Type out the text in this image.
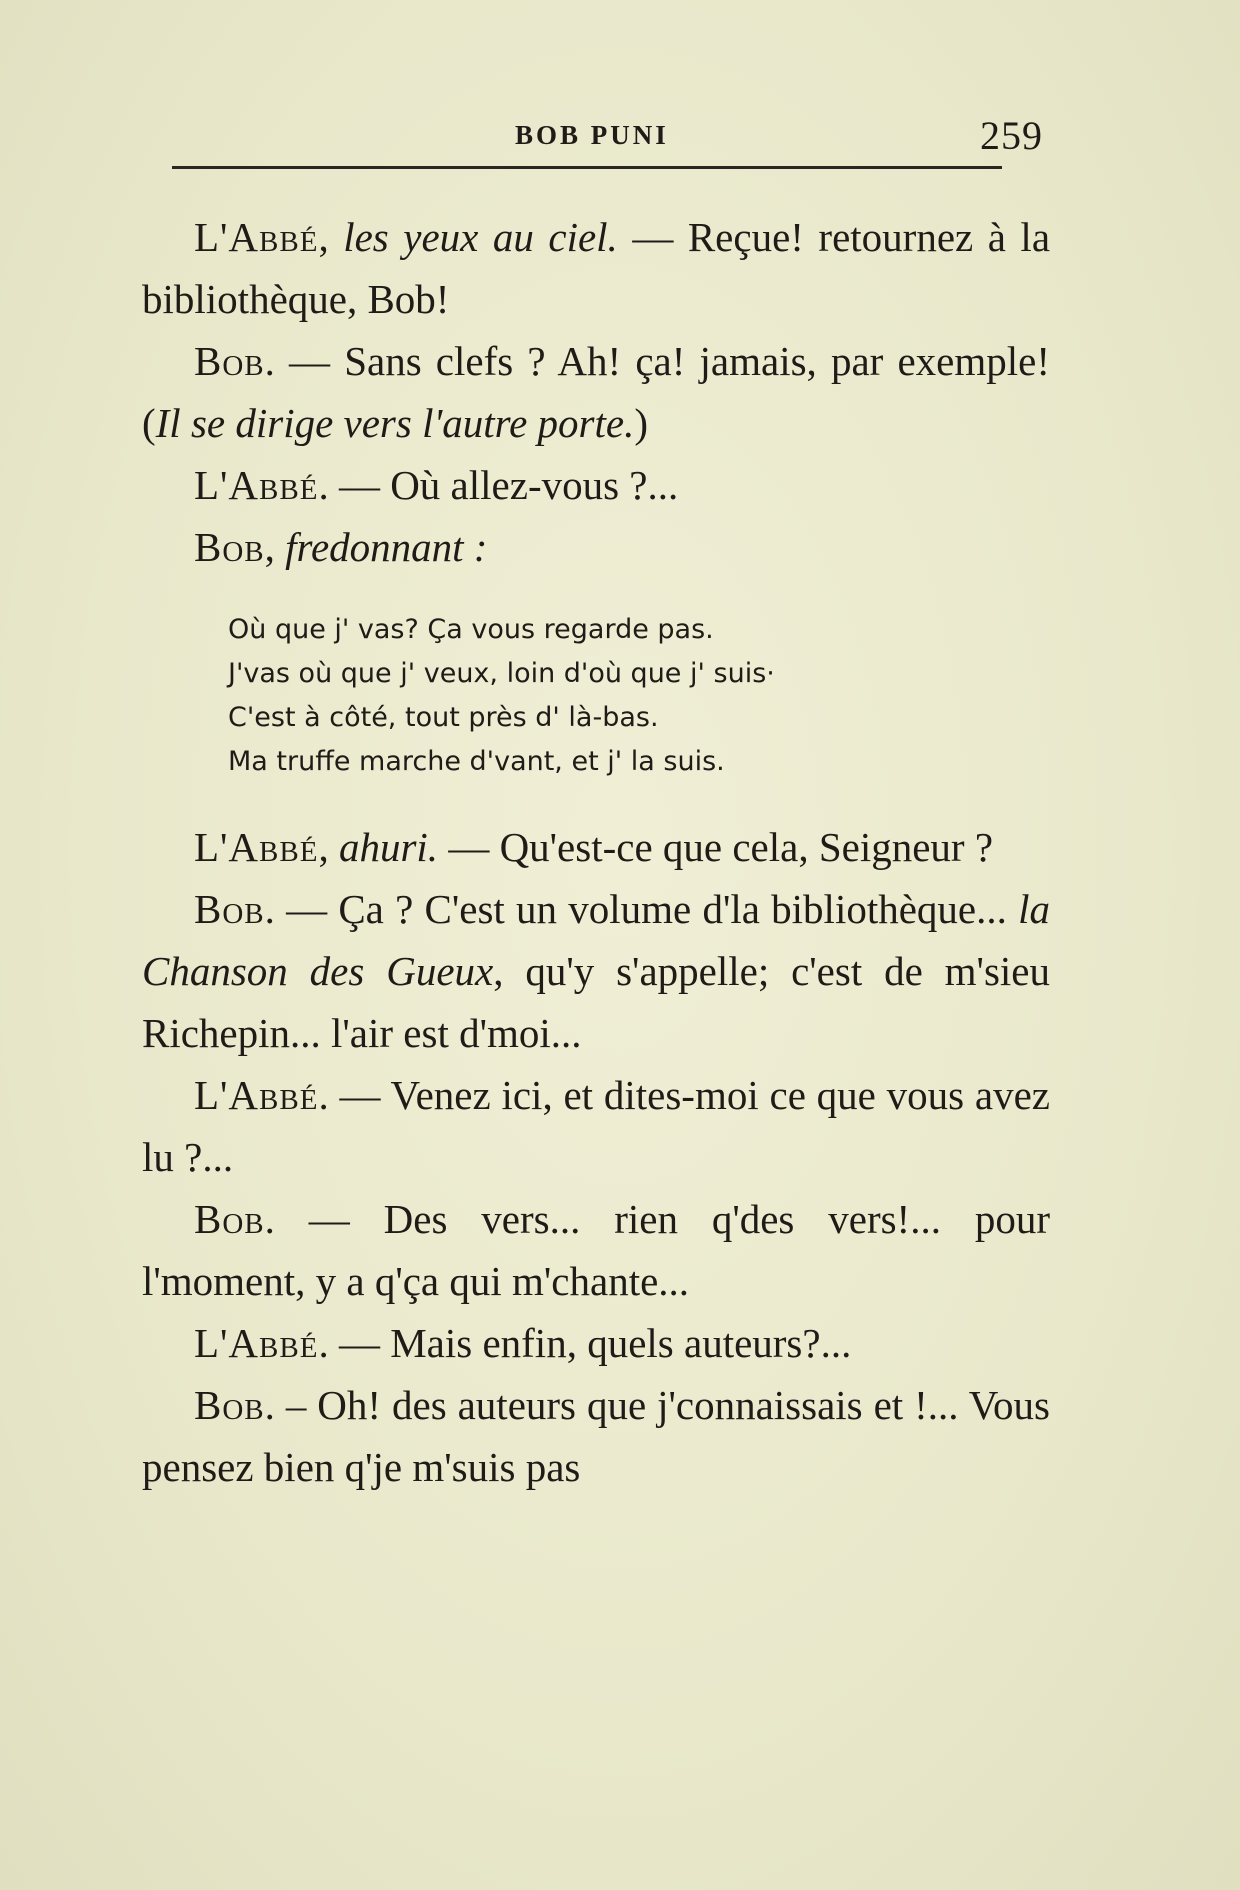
BOB PUNI	259

L'Abbé, les yeux au ciel. — Reçue! retournez à la bibliothèque, Bob!

Bob. — Sans clefs ? Ah! ça! jamais, par exemple! (Il se dirige vers l'autre porte.)

L'Abbé. — Où allez-vous ?...

Bob, fredonnant :

Où que j' vas? Ça vous regarde pas.
J'vas où que j' veux, loin d'où que j' suis·
C'est à côté, tout près d' là-bas.
Ma truffe marche d'vant, et j' la suis.

L'Abbé, ahuri. — Qu'est-ce que cela, Seigneur ?

Bob. — Ça ? C'est un volume d'la bibliothèque... la Chanson des Gueux, qu'y s'appelle; c'est de m'sieu Richepin... l'air est d'moi...

L'Abbé. — Venez ici, et dites-moi ce que vous avez lu ?...

Bob. — Des vers... rien q'des vers!... pour l'moment, y a q'ça qui m'chante...

L'Abbé. — Mais enfin, quels auteurs?...

Bob. – Oh! des auteurs que j'connaissais et !... Vous pensez bien q'je m'suis pas
